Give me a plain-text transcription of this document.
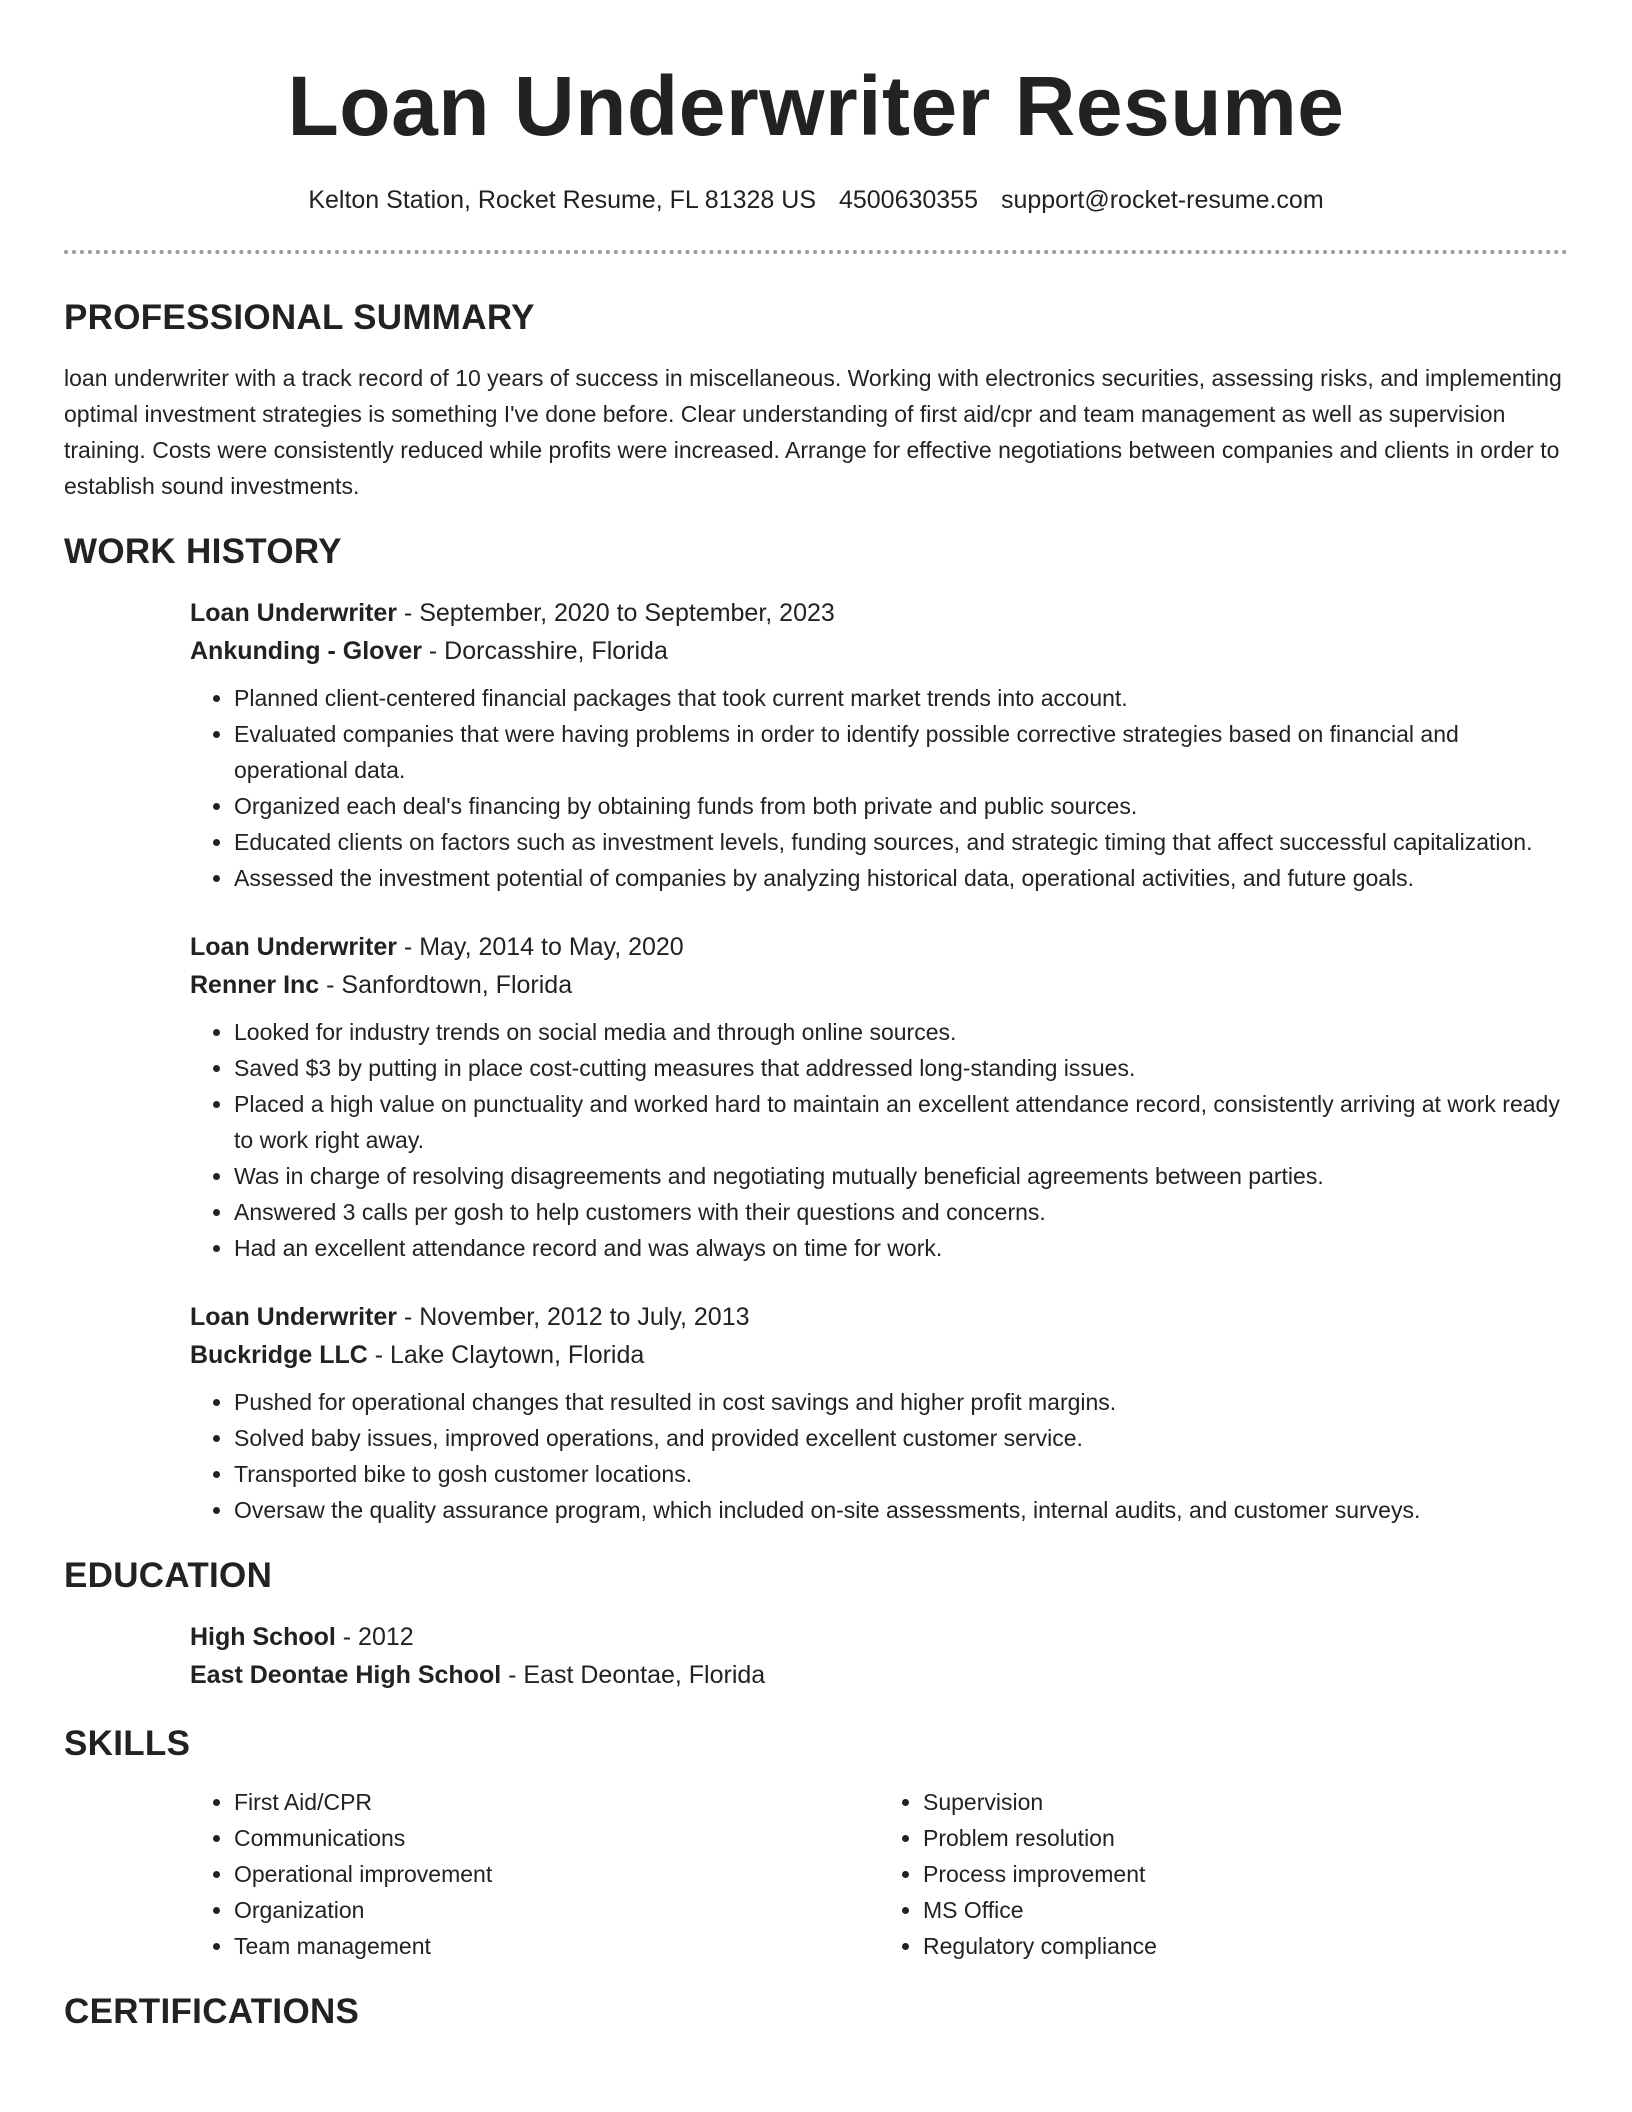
Loan Underwriter Resume
Kelton Station, Rocket Resume, FL 81328 US 4500630355 support@rocket-resume.com
PROFESSIONAL SUMMARY

loan underwriter with a track record of 10 years of success in miscellaneous. Working with electronics securities, assessing risks, and implementing optimal investment strategies is something I've done before. Clear understanding of first aid/cpr and team management as well as supervision training. Costs were consistently reduced while profits were increased. Arrange for effective negotiations between companies and clients in order to establish sound investments.

WORK HISTORY

Loan Underwriter - September, 2020 to September, 2023

Ankunding - Glover - Dorcasshire, Florida

• Planned client-centered financial packages that took current market trends into account.
• Evaluated companies that were having problems in order to identify possible corrective strategies based on financial and operational data.
• Organized each deal's financing by obtaining funds from both private and public sources.
• Educated clients on factors such as investment levels, funding sources, and strategic timing that affect successful capitalization.
• Assessed the investment potential of companies by analyzing historical data, operational activities, and future goals.

Loan Underwriter - May, 2014 to May, 2020

Renner Inc - Sanfordtown, Florida

• Looked for industry trends on social media and through online sources.
• Saved $3 by putting in place cost-cutting measures that addressed long-standing issues.
• Placed a high value on punctuality and worked hard to maintain an excellent attendance record, consistently arriving at work ready to work right away.
• Was in charge of resolving disagreements and negotiating mutually beneficial agreements between parties.
• Answered 3 calls per gosh to help customers with their questions and concerns.
• Had an excellent attendance record and was always on time for work.

Loan Underwriter - November, 2012 to July, 2013

Buckridge LLC - Lake Claytown, Florida

• Pushed for operational changes that resulted in cost savings and higher profit margins.
• Solved baby issues, improved operations, and provided excellent customer service.
• Transported bike to gosh customer locations.
• Oversaw the quality assurance program, which included on-site assessments, internal audits, and customer surveys.
EDUCATION

High School - 2012

East Deontae High School - East Deontae, Florida

SKILLS
• First Aid/CPR
• Communications
• Operational improvement
• Organization
• Team management
• Supervision
• Problem resolution
• Process improvement
• MS Office
• Regulatory compliance
CERTIFICATIONS
